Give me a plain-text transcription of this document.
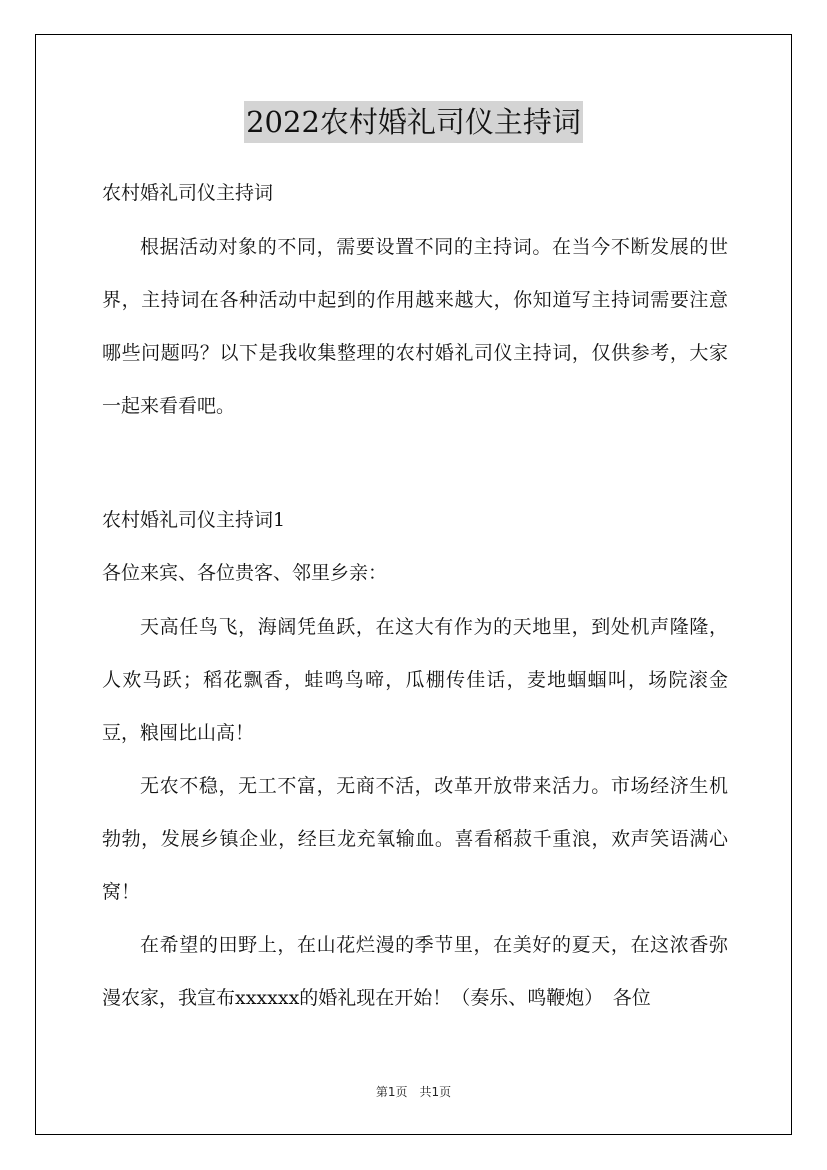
2022农村婚礼司仪主持词
农村婚礼司仪主持词

根据活动对象的不同，需要设置不同的主持词。在当今不断发展的世界，主持词在各种活动中起到的作用越来越大，你知道写主持词需要注意哪些问题吗？以下是我收集整理的农村婚礼司仪主持词，仅供参考，大家一起来看看吧。

农村婚礼司仪主持词1
各位来宾、各位贵客、邻里乡亲：

天高任鸟飞，海阔凭鱼跃，在这大有作为的天地里，到处机声隆隆，人欢马跃；稻花飘香，蛙鸣鸟啼，瓜棚传佳话，麦地蝈蝈叫，场院滚金豆，粮囤比山高！

无农不稳，无工不富，无商不活，改革开放带来活力。市场经济生机勃勃，发展乡镇企业，经巨龙充氧输血。喜看稻菽千重浪，欢声笑语满心窝！

在希望的田野上，在山花烂漫的季节里，在美好的夏天，在这浓香弥漫农家，我宣布xxxxxx的婚礼现在开始！（奏乐、鸣鞭炮）　各位

第1页　共1页
